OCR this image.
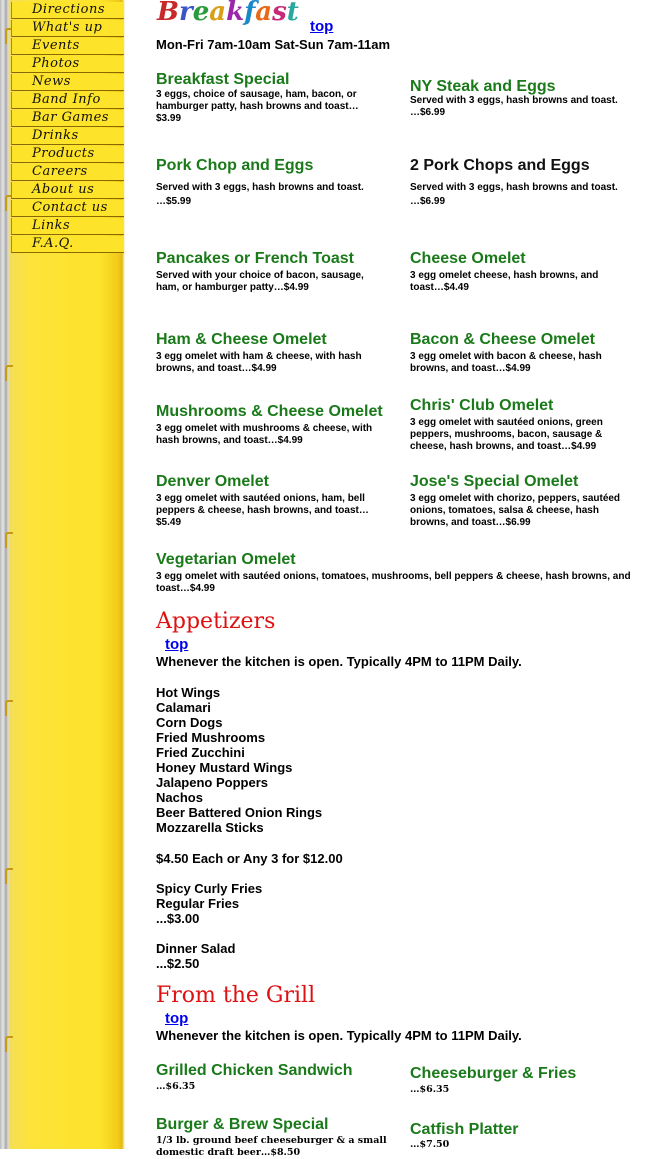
Directions
What's up
Events
Photos
News
Band Info
Bar Games
Drinks
Products
Careers
About us
Contact us
Links
F.A.Q.
Breakfast top
Mon-Fri 7am-10am Sat-Sun 7am-11am
Breakfast Special
3 eggs, choice of sausage, ham, bacon, or hamburger patty, hash browns and toast… $3.99
NY Steak and Eggs
Served with 3 eggs, hash browns and toast. …$6.99
Pork Chop and Eggs
Served with 3 eggs, hash browns and toast. …$5.99
2 Pork Chops and Eggs
Served with 3 eggs, hash browns and toast. …$6.99
Pancakes or French Toast
Served with your choice of bacon, sausage, ham, or hamburger patty…$4.99
Cheese Omelet
3 egg omelet cheese, hash browns, and toast…$4.49
Ham & Cheese Omelet
3 egg omelet with ham & cheese, with hash browns, and toast…$4.99
Bacon & Cheese Omelet
3 egg omelet with bacon & cheese, hash browns, and toast…$4.99
Mushrooms & Cheese Omelet
3 egg omelet with mushrooms & cheese, with hash browns, and toast…$4.99
Chris' Club Omelet
3 egg omelet with sautéed onions, green peppers, mushrooms, bacon, sausage & cheese, hash browns, and toast…$4.99
Denver Omelet
3 egg omelet with sautéed onions, ham, bell peppers & cheese, hash browns, and toast… $5.49
Jose's Special Omelet
3 egg omelet with chorizo, peppers, sautéed onions, tomatoes, salsa & cheese, hash browns, and toast…$6.99
Vegetarian Omelet
3 egg omelet with sautéed onions, tomatoes, mushrooms, bell peppers & cheese, hash browns, and toast…$4.99
Appetizers
top
Whenever the kitchen is open. Typically 4PM to 11PM Daily.
Hot Wings
Calamari
Corn Dogs
Fried Mushrooms
Fried Zucchini
Honey Mustard Wings
Jalapeno Poppers
Nachos
Beer Battered Onion Rings
Mozzarella Sticks
$4.50 Each or Any 3 for $12.00
Spicy Curly Fries
Regular Fries
...$3.00
Dinner Salad
...$2.50
From the Grill
top
Whenever the kitchen is open. Typically 4PM to 11PM Daily.
Grilled Chicken Sandwich
…$6.35
Cheeseburger & Fries
…$6.35
Burger & Brew Special
1/3 lb. ground beef cheeseburger & a small domestic draft beer…$8.50
Catfish Platter
…$7.50
